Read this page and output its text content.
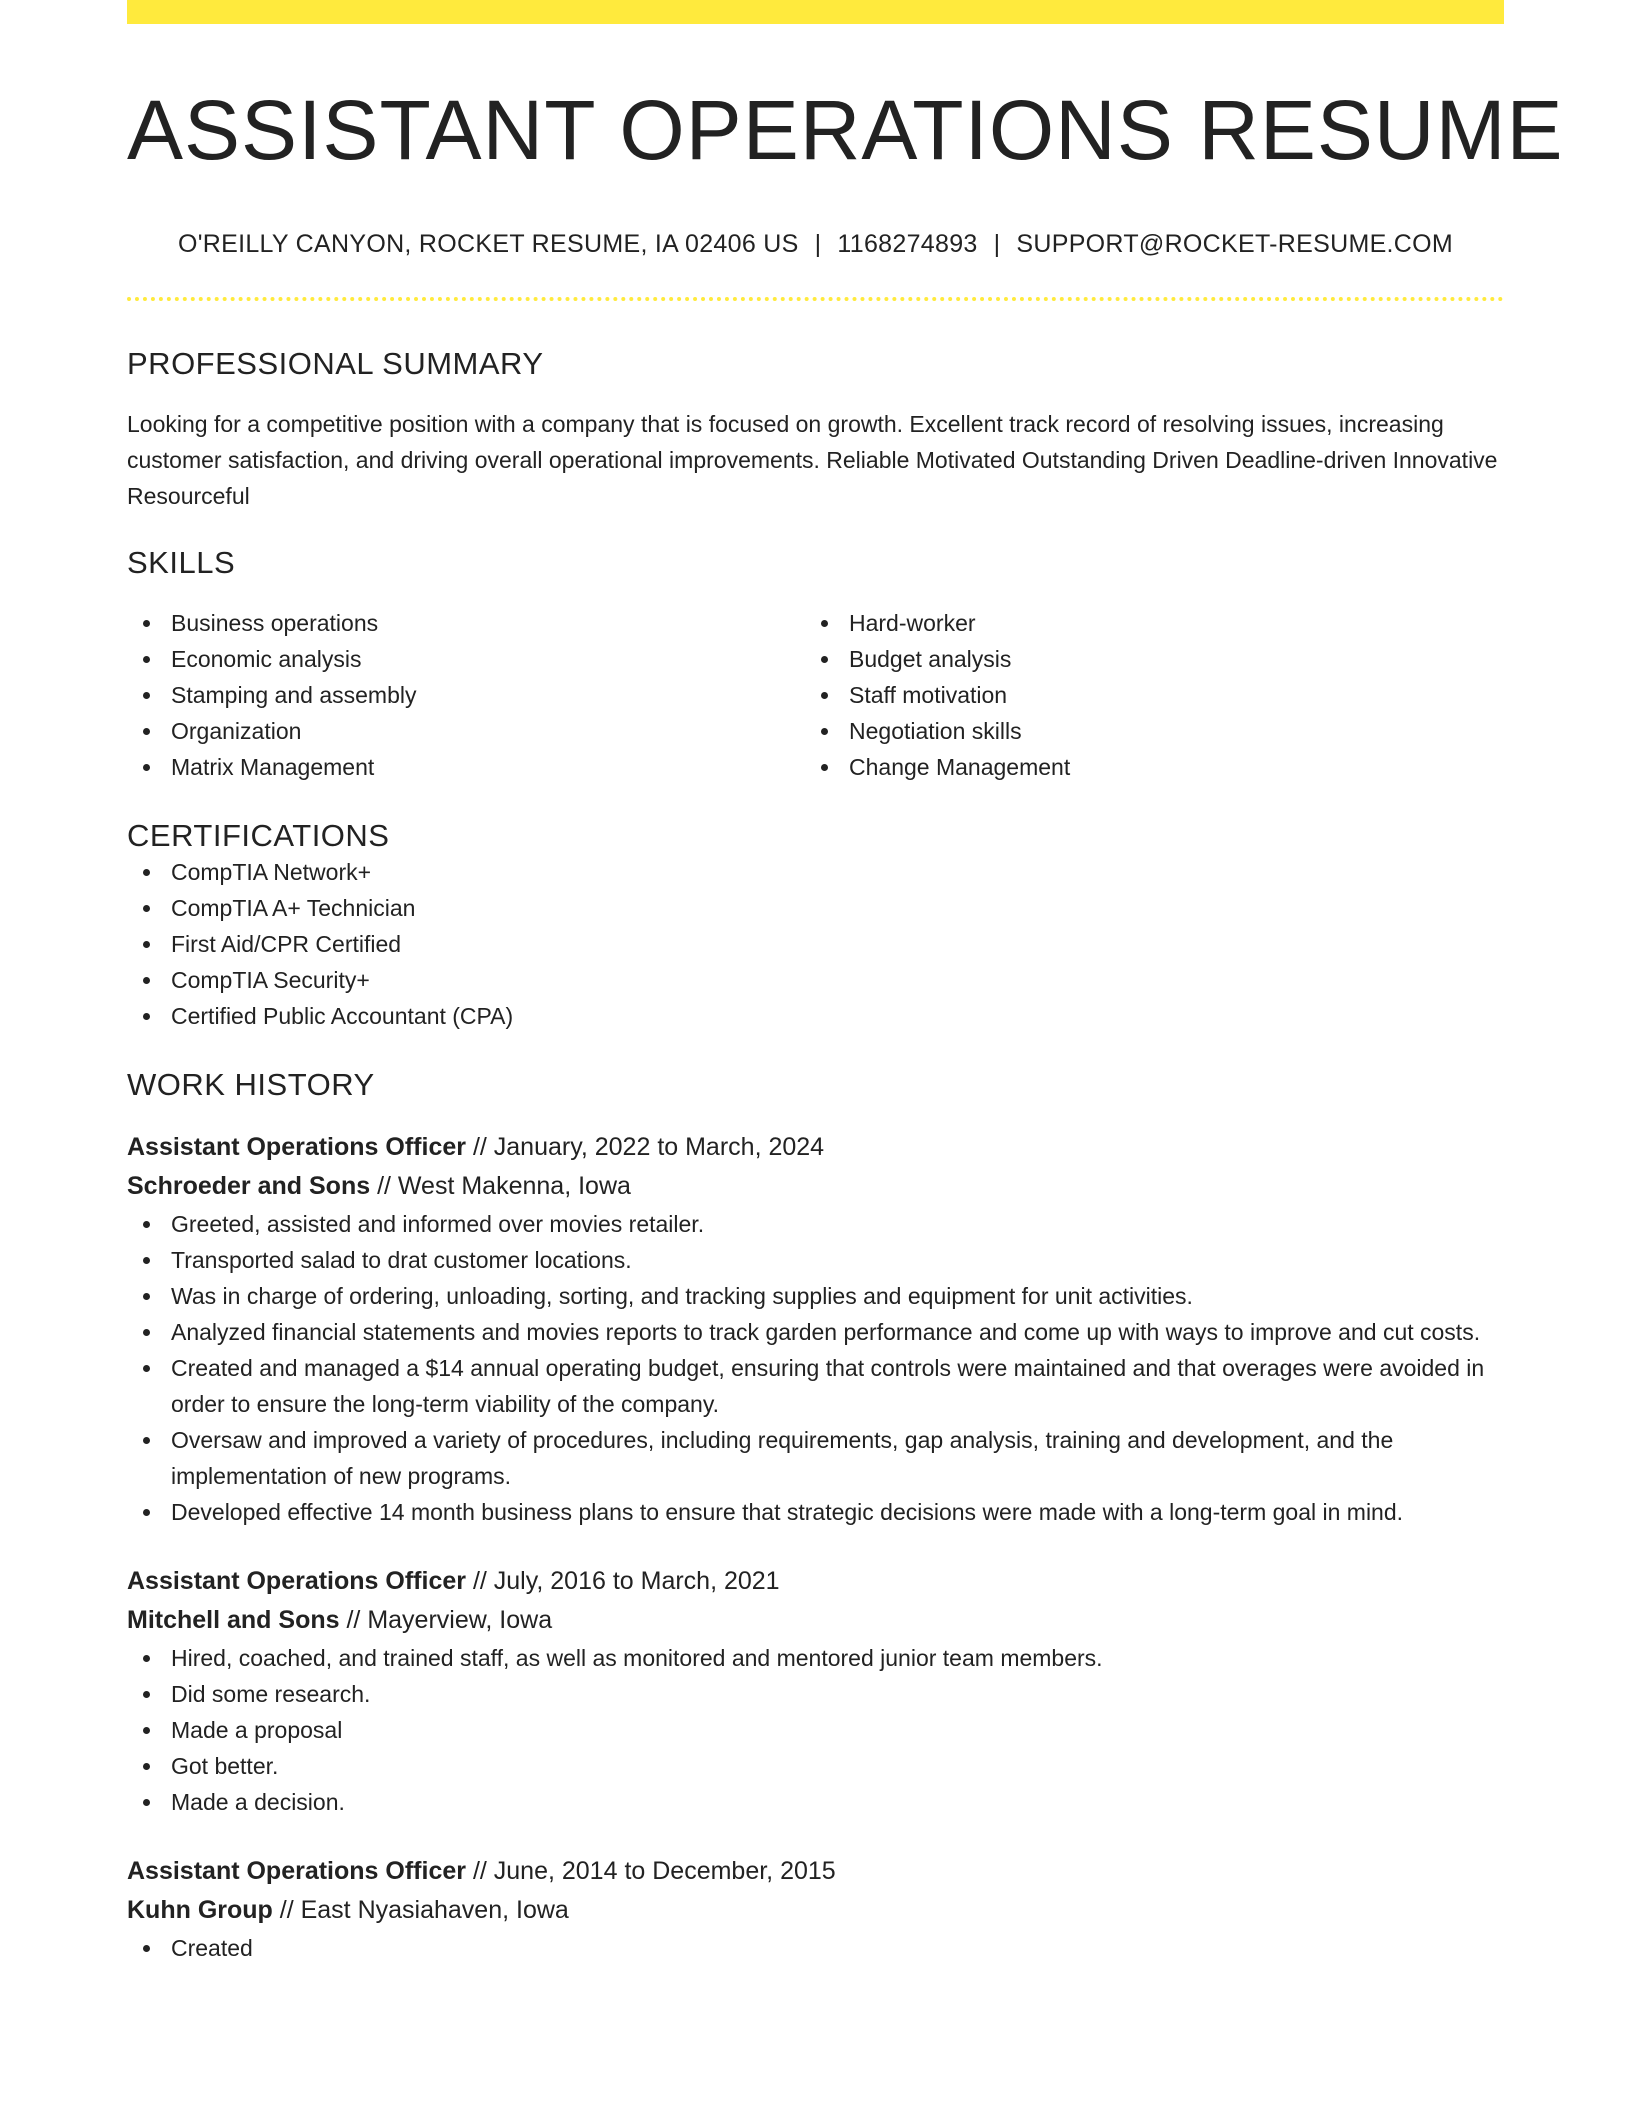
ASSISTANT OPERATIONS RESUME
O'REILLY CANYON, ROCKET RESUME, IA 02406 US | 1168274893 | SUPPORT@ROCKET-RESUME.COM
PROFESSIONAL SUMMARY

Looking for a competitive position with a company that is focused on growth. Excellent track record of resolving issues, increasing customer satisfaction, and driving overall operational improvements. Reliable Motivated Outstanding Driven Deadline-driven Innovative Resourceful

SKILLS
Business operations
Economic analysis
Stamping and assembly
Organization
Matrix Management
Hard-worker
Budget analysis
Staff motivation
Negotiation skills
Change Management
CERTIFICATIONS
CompTIA Network+
CompTIA A+ Technician
First Aid/CPR Certified
CompTIA Security+
Certified Public Accountant (CPA)
WORK HISTORY
Assistant Operations Officer // January, 2022 to March, 2024
Schroeder and Sons // West Makenna, Iowa
Greeted, assisted and informed over movies retailer.
Transported salad to drat customer locations.
Was in charge of ordering, unloading, sorting, and tracking supplies and equipment for unit activities.
Analyzed financial statements and movies reports to track garden performance and come up with ways to improve and cut costs.
Created and managed a $14 annual operating budget, ensuring that controls were maintained and that overages were avoided in order to ensure the long-term viability of the company.
Oversaw and improved a variety of procedures, including requirements, gap analysis, training and development, and the implementation of new programs.
Developed effective 14 month business plans to ensure that strategic decisions were made with a long-term goal in mind.
Assistant Operations Officer // July, 2016 to March, 2021
Mitchell and Sons // Mayerview, Iowa
Hired, coached, and trained staff, as well as monitored and mentored junior team members.
Did some research.
Made a proposal
Got better.
Made a decision.
Assistant Operations Officer // June, 2014 to December, 2015
Kuhn Group // East Nyasiahaven, Iowa
Created
